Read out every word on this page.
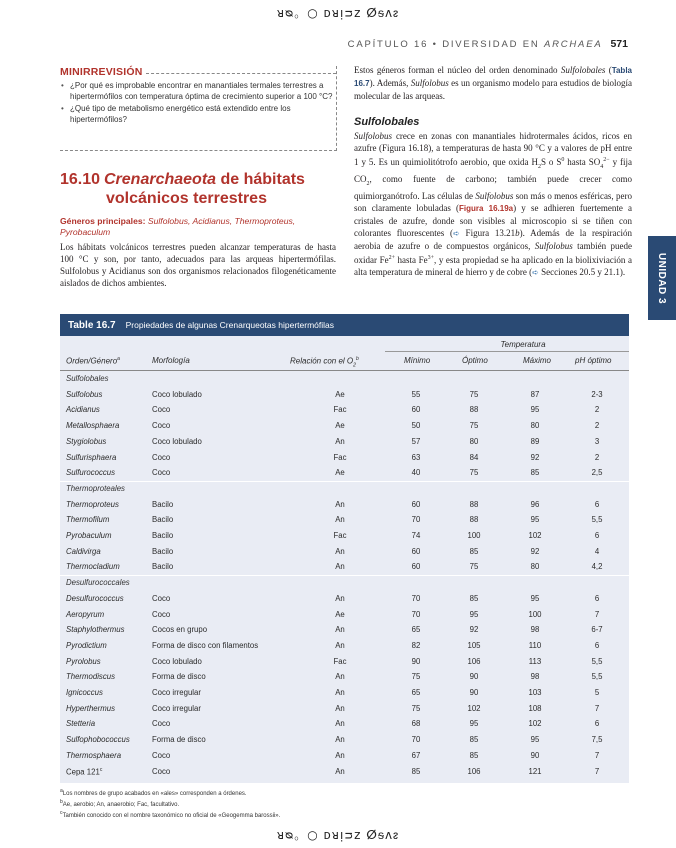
ᴚᴓ。○ ᴅᴚᴉᴝᴢ ⵁᵴᴧᴤ
CAPÍTULO 16 • DIVERSIDAD EN ARCHAEA 571
UNIDAD 3
MINIRREVISIÓN
• ¿Por qué es improbable encontrar en manantiales termales terrestres a hipertermófilos con temperatura óptima de crecimiento superior a 100 °C?
• ¿Qué tipo de metabolismo energético está extendido entre los hipertermófilos?
16.10 Crenarchaeota de hábitats
volcánicos terrestres
Géneros principales: Sulfolobus, Acidianus, Thermoproteus, Pyrobaculum
Los hábitats volcánicos terrestres pueden alcanzar temperaturas de hasta 100 °C y son, por tanto, adecuados para las arqueas hipertermófilas. Sulfolobus y Acidianus son dos organismos relacionados filogenéticamente aislados de dichos ambientes.
Estos géneros forman el núcleo del orden denominado Sulfolobales (Tabla 16.7). Además, Sulfolobus es un organismo modelo para estudios de biología molecular de las arqueas.
Sulfolobales
Sulfolobus crece en zonas con manantiales hidrotermales ácidos, ricos en azufre (Figura 16.18), a temperaturas de hasta 90 °C y a valores de pH entre 1 y 5. Es un quimiolitótrofo aerobio, que oxida $H_2S$ o $S^0$ hasta $SO_4^{2-}$ y fija $CO_2$, como fuente de carbono; también puede crecer como quimiorganótrofo. Las células de Sulfolobus son más o menos esféricas, pero son claramente lobuladas (Figura 16.19a) y se adhieren fuertemente a cristales de azufre, donde son visibles al microscopio si se tiñen con colorantes fluorescentes (➪ Figura 13.21b). Además de la respiración aerobia de azufre o de compuestos orgánicos, Sulfolobus también puede oxidar $Fe^{2+}$ hasta $Fe^{3+}$, y esta propiedad se ha aplicado en la biolixiviación a alta temperatura de mineral de hierro y de cobre (➪ Secciones 20.5 y 21.1).
Table 16.7 Propiedades de algunas Crenarqueotas hipertermófilas
Temperatura
Orden/Género$^a$	Morfología	Relación con el $O_2^b$	Mínimo	Óptimo	Máximo	pH óptimo
Sulfolobales
Sulfolobus	Coco lobulado	Ae	55	75	87	2-3
Acidianus	Coco	Fac	60	88	95	2
Metallosphaera	Coco	Ae	50	75	80	2
Stygiolobus	Coco lobulado	An	57	80	89	3
Sulfurisphaera	Coco	Fac	63	84	92	2
Sulfurococcus	Coco	Ae	40	75	85	2,5
Thermoproteales
Thermoproteus	Bacilo	An	60	88	96	6
Thermofilum	Bacilo	An	70	88	95	5,5
Pyrobaculum	Bacilo	Fac	74	100	102	6
Caldivirga	Bacilo	An	60	85	92	4
Thermocladium	Bacilo	An	60	75	80	4,2
Desulfurococcales
Desulfurococcus	Coco	An	70	85	95	6
Aeropyrum	Coco	Ae	70	95	100	7
Staphylothermus	Cocos en grupo	An	65	92	98	6-7
Pyrodictium	Forma de disco con filamentos	An	82	105	110	6
Pyrolobus	Coco lobulado	Fac	90	106	113	5,5
Thermodiscus	Forma de disco	An	75	90	98	5,5
Ignicoccus	Coco irregular	An	65	90	103	5
Hyperthermus	Coco irregular	An	75	102	108	7
Stetteria	Coco	An	68	95	102	6
Sulfophobococcus	Forma de disco	An	70	85	95	7,5
Thermosphaera	Coco	An	67	85	90	7
Cepa 121$^c$	Coco	An	85	106	121	7
$^a$Los nombres de grupo acabados en «ales» corresponden a órdenes.
$^b$Ae, aerobio; An, anaerobio; Fac, facultativo.
$^c$También conocido con el nombre taxonómico no oficial de «Geogemma barossii».
ᴚᴓ。○ ᴅᴚᴉᴝᴢ ⵁᵴᴧᴤ
